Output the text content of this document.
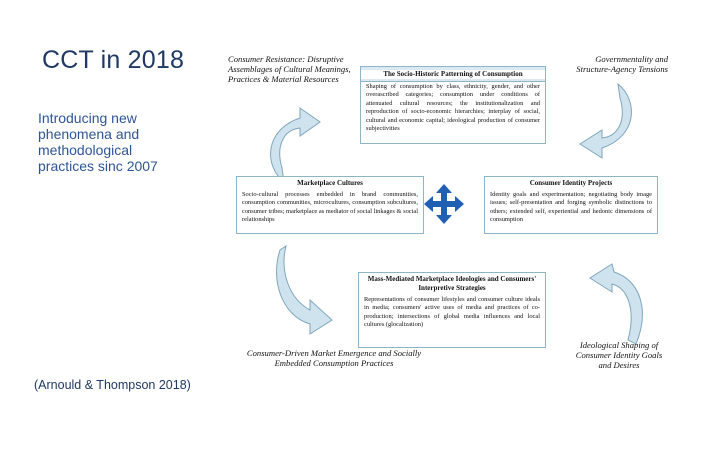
CCT in 2018
Introducing new phenomena and methodological practices sinc 2007
(Arnould & Thompson 2018)
Consumer Resistance: Disruptive Assemblages of Cultural Meanings, Practices & Material Resources
Governmentality and Structure-Agency Tensions
Consumer-Driven Market Emergence and Socially Embedded Consumption Practices
Ideological Shaping of Consumer Identity Goals and Desires
The Socio-Historic Patterning of Consumption
Shaping of consumption by class, ethnicity, gender, and other overascribed categories; consumption under conditions of attenuated cultural resources; the institutionalization and reproduction of socio-economic hierarchies; interplay of social, cultural and economic capital; ideological production of consumer subjectivities
Marketplace Cultures
Socio-cultural processes embedded in brand communities, consumption communities, microcultures, consumption subcultures, consumer tribes; marketplace as mediator of social linkages & social relationships
Consumer Identity Projects
Identity goals and experimentation; negotiating body image issues; self-presentation and forging symbolic distinctions to others; extended self, experiential and hedonic dimensions of consumption
Mass-Mediated Marketplace Ideologies and Consumers' Interpretive Strategies
Representations of consumer lifestyles and consumer culture ideals in media; consumers' active uses of media and practices of co-production; intersections of global media influences and local cultures (glocalization)
